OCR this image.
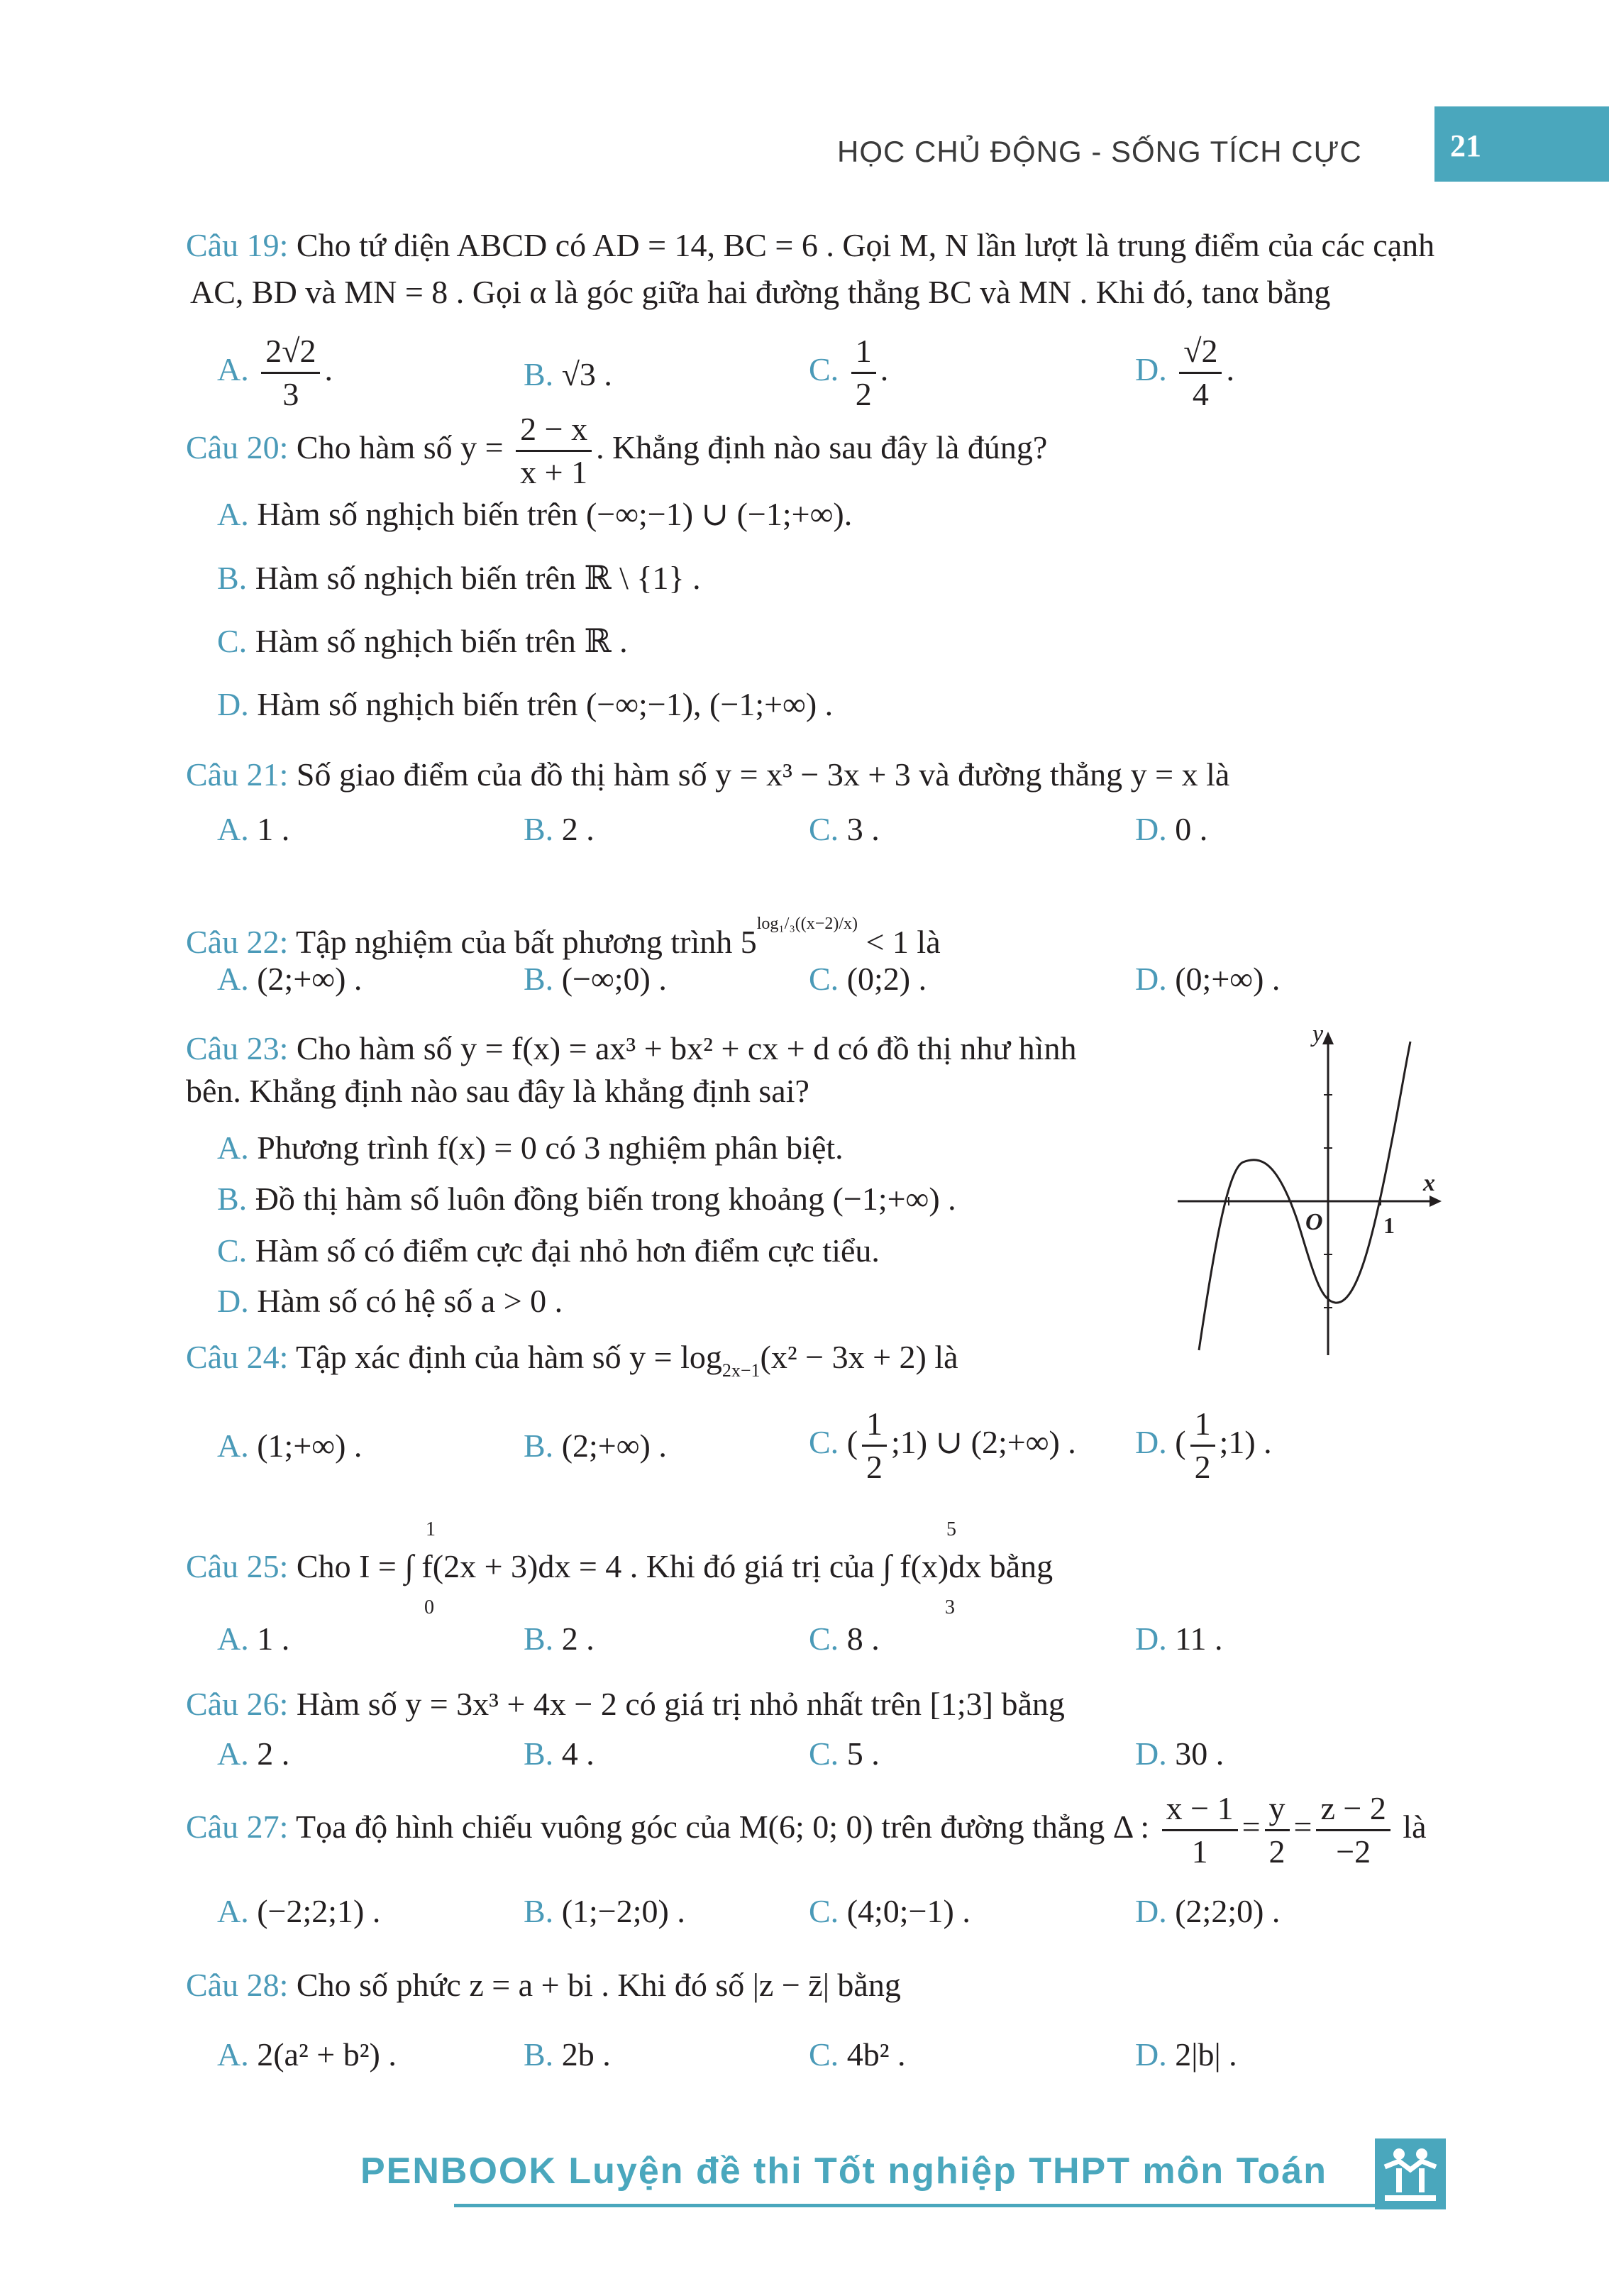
HỌC CHỦ ĐỘNG - SỐNG TÍCH CỰC	21
Câu 19: Cho tứ diện ABCD có AD = 14, BC = 6 . Gọi M, N lần lượt là trung điểm của các cạnh
AC, BD và MN = 8 . Gọi α là góc giữa hai đường thẳng BC và MN . Khi đó, tanα bằng
A. $\frac{2√2}{3}$ .	B. √3 .	C. $\frac{1}{2}$ .	D. $\frac{√2}{4}$ .
Câu 20: Cho hàm số $y = \frac{2 - x}{x + 1}$ . Khẳng định nào sau đây là đúng?
A. Hàm số nghịch biến trên (−∞;−1) ∪ (−1;+∞).
B. Hàm số nghịch biến trên ℝ \ {1} .
C. Hàm số nghịch biến trên ℝ .
D. Hàm số nghịch biến trên (−∞;−1), (−1;+∞) .
Câu 21: Số giao điểm của đồ thị hàm số y = x³ − 3x + 3 và đường thẳng y = x là
A. 1 .	B. 2 .	C. 3 .	D. 0 .
Câu 22: Tập nghiệm của bất phương trình $5^{log_1/_3((x-2)/x)} < 1$ là
A. (2;+∞) .	B. (−∞;0) .	C. (0;2) .	D. (0;+∞) .
Câu 23: Cho hàm số y = f(x) = ax³ + bx² + cx + d có đồ thị như hình
bên. Khẳng định nào sau đây là khẳng định sai?
A. Phương trình f(x) = 0 có 3 nghiệm phân biệt.
B. Đồ thị hàm số luôn đồng biến trong khoảng (−1;+∞) .
C. Hàm số có điểm cực đại nhỏ hơn điểm cực tiểu.
D. Hàm số có hệ số a > 0 .
y
x
O	1
Câu 24: Tập xác định của hàm số $y = \log_{2x-1}(x^2 - 3x + 2)$ là
A. (1;+∞) .	B. (2;+∞) .	C. ( $\frac{1}{2}$ ;1) ∪ (2;+∞) . D. ( $\frac{1}{2}$ ;1) .
1
0
5
3
Câu 25: Cho I = ∫ f(2x + 3)dx = 4 . Khi đó giá trị của ∫ f(x)dx bằng
A. 1 .	B. 2 .	C. 8 .	D. 11 .
Câu 26: Hàm số y = 3x³ + 4x − 2 có giá trị nhỏ nhất trên [1;3] bằng
A. 2 .	B. 4 .	C. 5 .	D. 30 .
Câu 27: Tọa độ hình chiếu vuông góc của M(6; 0; 0) trên đường thẳng Δ : $\frac{x - 1}{1} = \frac{y}{2} = \frac{z - 2}{-2}$ là
A. (−2;2;1) .	B. (1;−2;0) .	C. (4;0;−1) .	D. (2;2;0) .
Câu 28: Cho số phức z = a + bi . Khi đó số |z − z̄| bằng
A. 2(a² + b²) .	B. 2b .	C. 4b² .	D. 2|b| .
PENBOOK Luyện đề thi Tốt nghiệp THPT môn Toán
